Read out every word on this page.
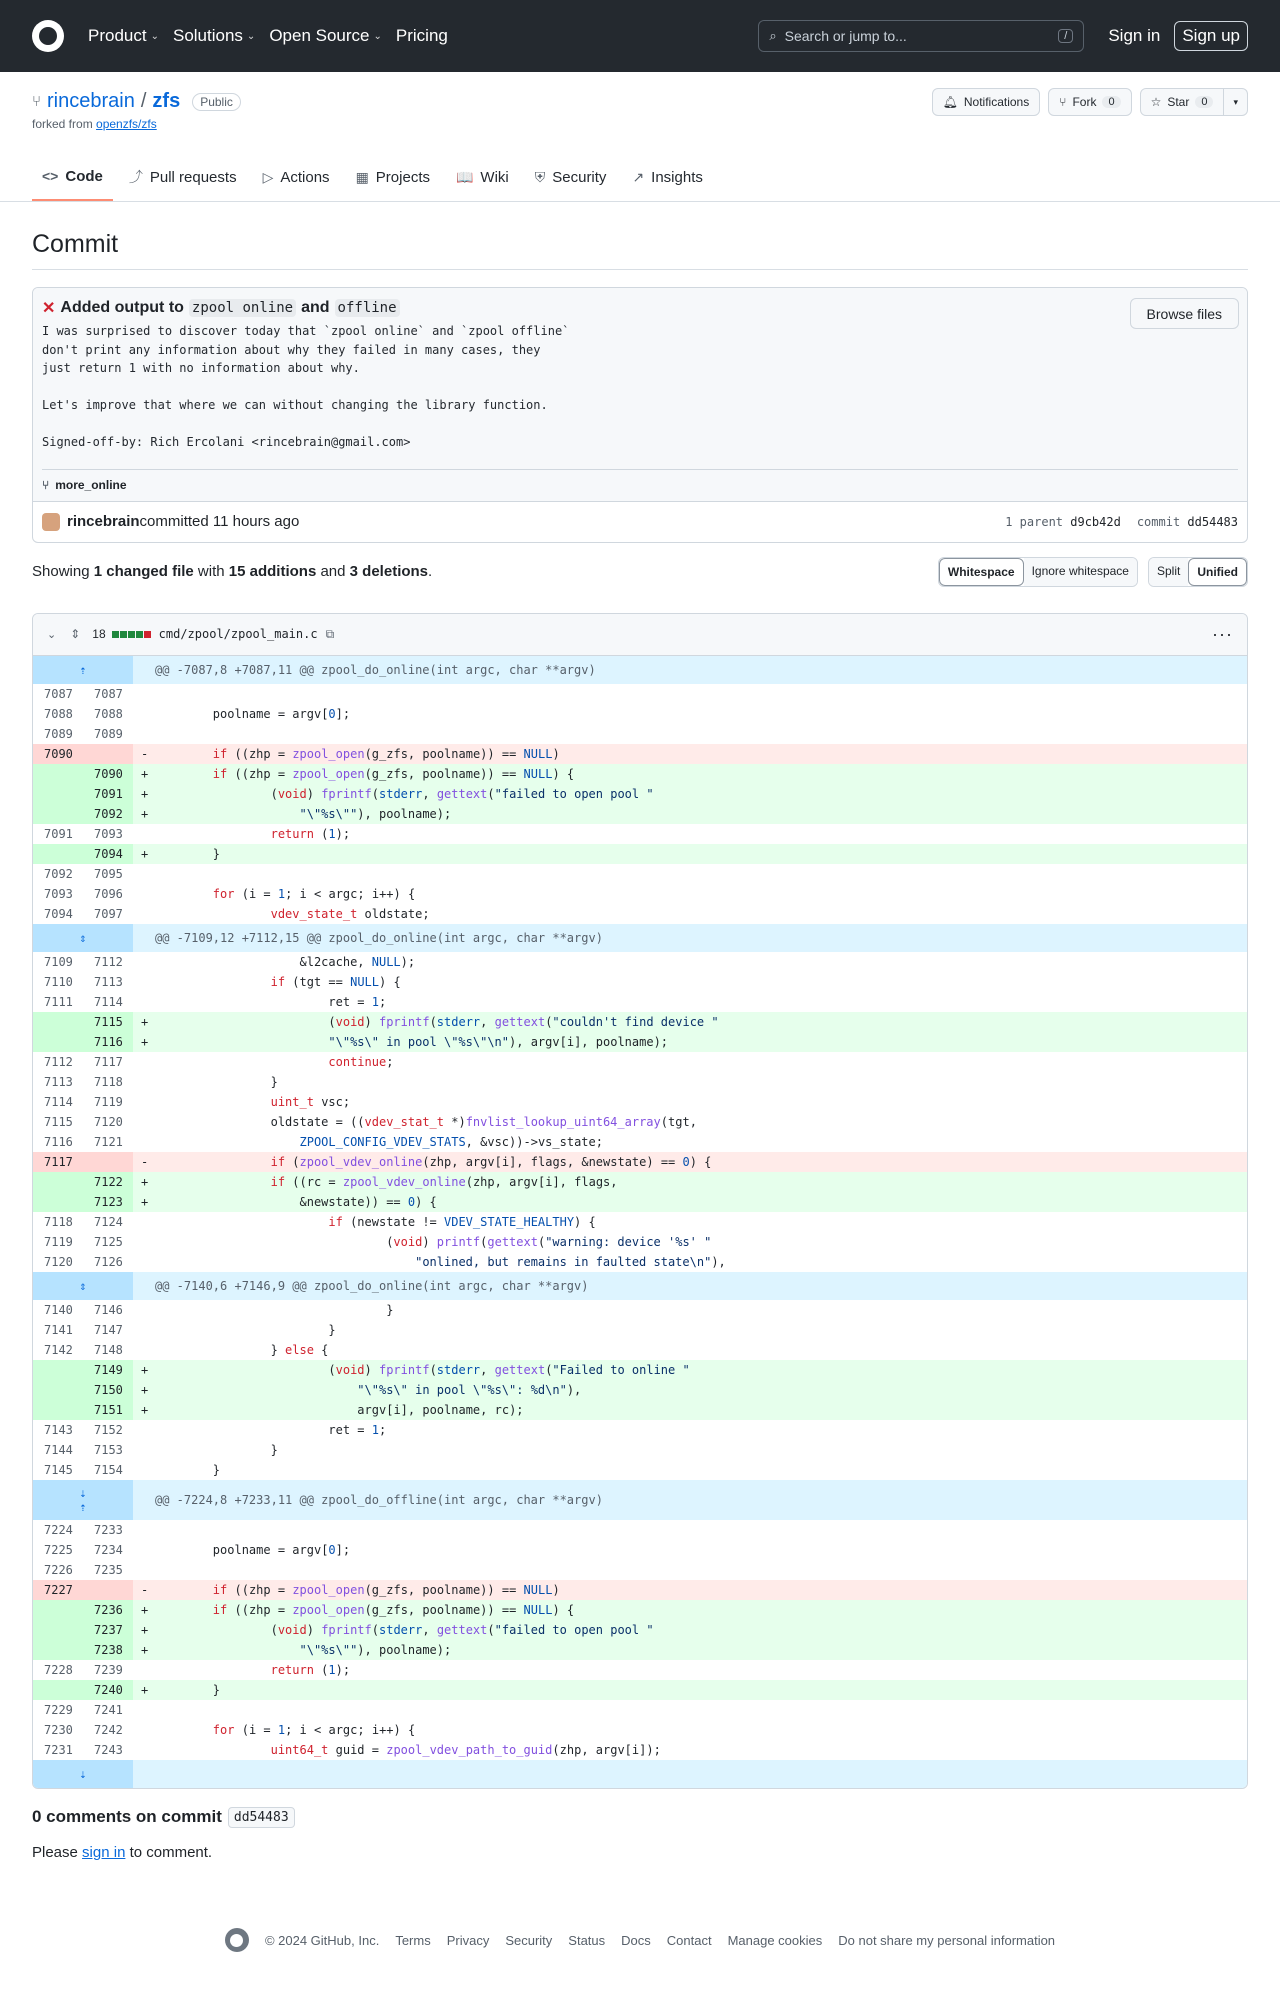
Product ⌄ Solutions ⌄ Open Source ⌄ Pricing	⌕ Search or jump to...	/	Sign in	Sign up
⑂ rincebrain / zfs	Public
forked from openzfs/zfs
🔔︎ Notifications	⑂ Fork	0	☆ Star	0	▾
<> Code ⤴ Pull requests ▷ Actions ▦ Projects 📖 Wiki ⛨ Security ↗ Insights
Commit
✕ Added output to zpool online and offline
I was surprised to discover today that `zpool online` and `zpool offline`
don't print any information about why they failed in many cases, they
just return 1 with no information about why.

Let's improve that where we can without changing the library function.

Signed-off-by: Rich Ercolani <rincebrain@gmail.com>
Browse files
⑂ more_online
rincebrain committed 11 hours ago	1 parent d9cb42d commit dd54483
Showing 1 changed file with 15 additions and 3 deletions.	Whitespace	Ignore whitespace	Split	Unified
⌄ ⇕ 18	cmd/zpool/zpool_main.c ⧉	···
⇡		@@ -7087,8 +7087,11 @@ zpool_do_online(int argc, char **argv)	
7087	7087		
7088	7088		poolname = argv[0];
7089	7089		
7090		-	if ((zhp = zpool_open(g_zfs, poolname)) == NULL)
	7090	+	if ((zhp = zpool_open(g_zfs, poolname)) == NULL) {
	7091	+	(void) fprintf(stderr, gettext("failed to open pool "
	7092	+	"\"%s\""), poolname);
7091	7093		return (1);
	7094	+	}
7092	7095		
7093	7096		for (i = 1; i < argc; i++) {
7094	7097		vdev_state_t oldstate;
⇕		@@ -7109,12 +7112,15 @@ zpool_do_online(int argc, char **argv)	
7109	7112		&l2cache, NULL);
7110	7113		if (tgt == NULL) {
7111	7114		ret = 1;
	7115	+	(void) fprintf(stderr, gettext("couldn't find device "
	7116	+	"\"%s\" in pool \"%s\"\n"), argv[i], poolname);
7112	7117		continue;
7113	7118		}
7114	7119		uint_t vsc;
7115	7120		oldstate = ((vdev_stat_t *)fnvlist_lookup_uint64_array(tgt,
7116	7121		ZPOOL_CONFIG_VDEV_STATS, &vsc))->vs_state;
7117		-	if (zpool_vdev_online(zhp, argv[i], flags, &newstate) == 0) {
	7122	+	if ((rc = zpool_vdev_online(zhp, argv[i], flags,
	7123	+	&newstate)) == 0) {
7118	7124		if (newstate != VDEV_STATE_HEALTHY) {
7119	7125		(void) printf(gettext("warning: device '%s' "
7120	7126		"onlined, but remains in faulted state\n"),
⇕		@@ -7140,6 +7146,9 @@ zpool_do_online(int argc, char **argv)	
7140	7146		}
7141	7147		}
7142	7148		} else {
	7149	+	(void) fprintf(stderr, gettext("Failed to online "
	7150	+	"\"%s\" in pool \"%s\": %d\n"),
	7151	+	argv[i], poolname, rc);
7143	7152		ret = 1;
7144	7153		}
7145	7154		}
⇣
⇡		@@ -7224,8 +7233,11 @@ zpool_do_offline(int argc, char **argv)	
7224	7233		
7225	7234		poolname = argv[0];
7226	7235		
7227		-	if ((zhp = zpool_open(g_zfs, poolname)) == NULL)
	7236	+	if ((zhp = zpool_open(g_zfs, poolname)) == NULL) {
	7237	+	(void) fprintf(stderr, gettext("failed to open pool "
	7238	+	"\"%s\""), poolname);
7228	7239		return (1);
	7240	+	}
7229	7241		
7230	7242		for (i = 1; i < argc; i++) {
7231	7243		uint64_t guid = zpool_vdev_path_to_guid(zhp, argv[i]);
⇣			
0 comments on commit dd54483
Please sign in to comment.
© 2024 GitHub, Inc. Terms Privacy Security Status Docs Contact Manage cookies Do not share my personal information
